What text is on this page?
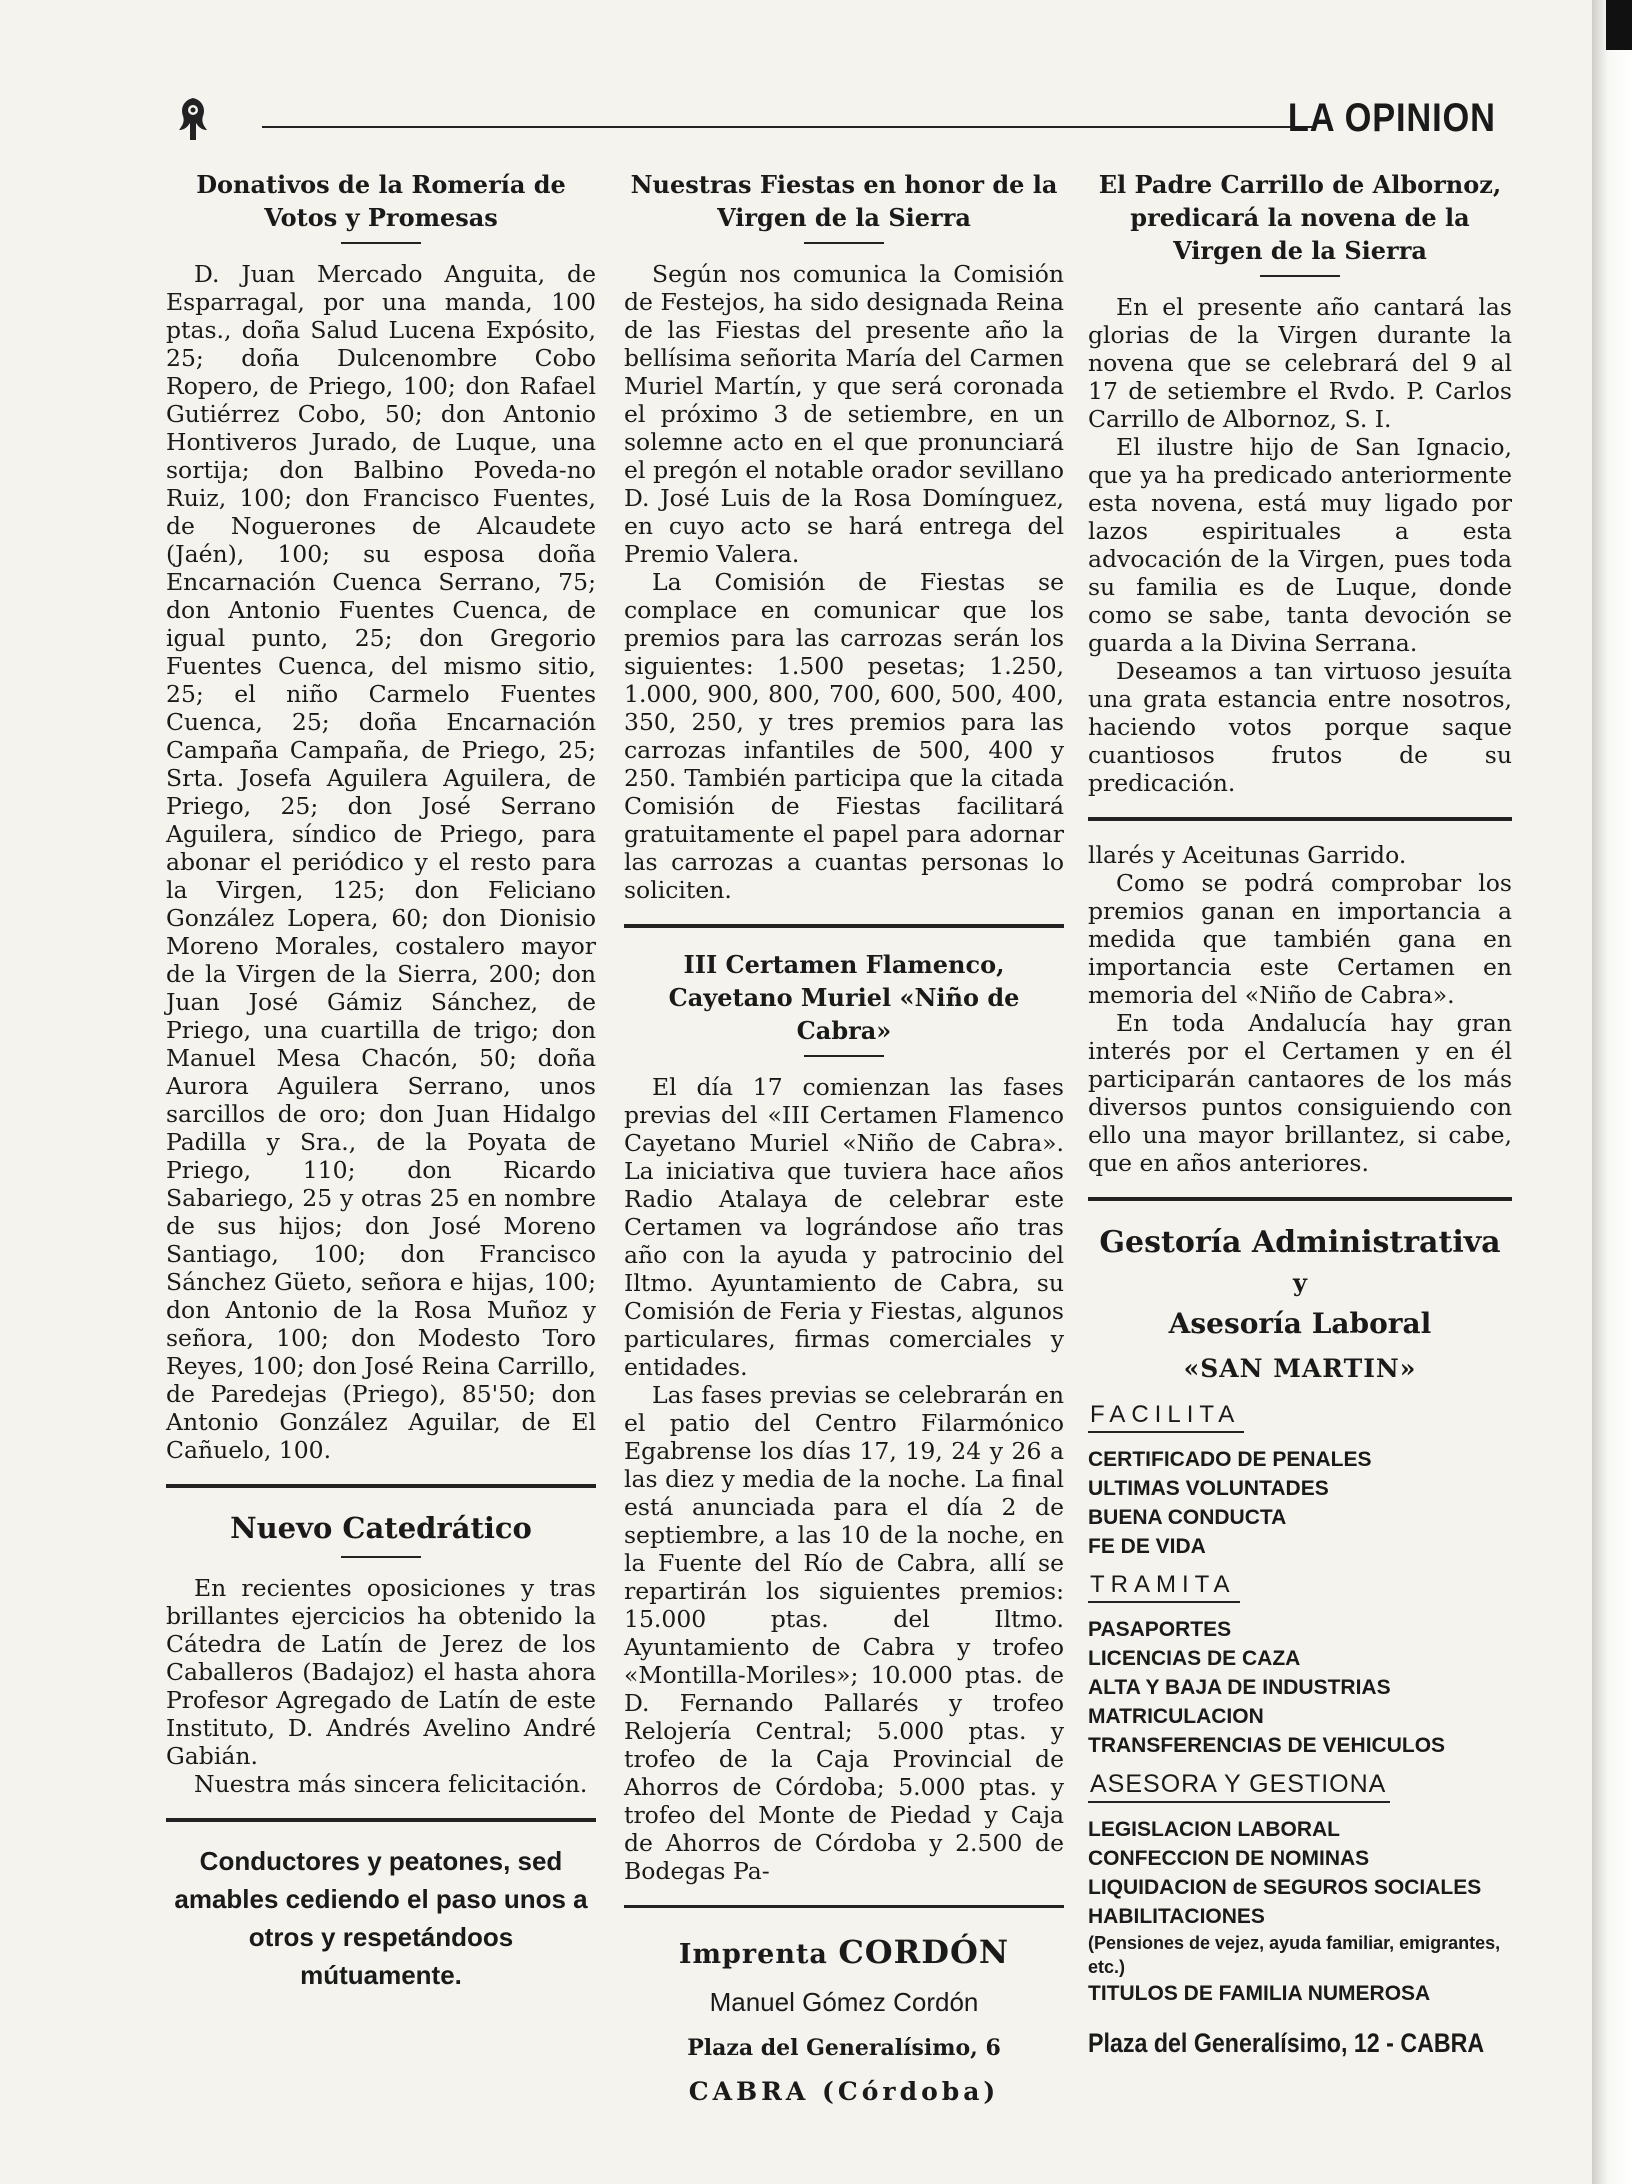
LA OPINION
Donativos de la Romería de Votos y Promesas

D. Juan Mercado Anguita, de Esparragal, por una manda, 100 ptas., doña Salud Lucena Expósito, 25; doña Dulcenombre Cobo Ropero, de Priego, 100; don Rafael Gutiérrez Cobo, 50; don Antonio Hontiveros Jurado, de Luque, una sortija; don Balbino Poveda-no Ruiz, 100; don Francisco Fuentes, de Noguerones de Alcaudete (Jaén), 100; su esposa doña Encarnación Cuenca Serrano, 75; don Antonio Fuentes Cuenca, de igual punto, 25; don Gregorio Fuentes Cuenca, del mismo sitio, 25; el niño Carmelo Fuentes Cuenca, 25; doña Encarnación Campaña Campaña, de Priego, 25; Srta. Josefa Aguilera Aguilera, de Priego, 25; don José Serrano Aguilera, síndico de Priego, para abonar el periódico y el resto para la Virgen, 125; don Feliciano González Lopera, 60; don Dionisio Moreno Morales, costalero mayor de la Virgen de la Sierra, 200; don Juan José Gámiz Sánchez, de Priego, una cuartilla de trigo; don Manuel Mesa Chacón, 50; doña Aurora Aguilera Serrano, unos sarcillos de oro; don Juan Hidalgo Padilla y Sra., de la Poyata de Priego, 110; don Ricardo Sabariego, 25 y otras 25 en nombre de sus hijos; don José Moreno Santiago, 100; don Francisco Sánchez Güeto, señora e hijas, 100; don Antonio de la Rosa Muñoz y señora, 100; don Modesto Toro Reyes, 100; don José Reina Carrillo, de Paredejas (Priego), 85'50; don Antonio González Aguilar, de El Cañuelo, 100.

Nuevo Catedrático

En recientes oposiciones y tras brillantes ejercicios ha obtenido la Cátedra de Latín de Jerez de los Caballeros (Badajoz) el hasta ahora Profesor Agregado de Latín de este Instituto, D. Andrés Avelino André Gabián.

Nuestra más sincera felicitación.

Conductores y peatones, sed amables cediendo el paso unos a otros y respetándoos mútuamente.

Nuestras Fiestas en honor de la Virgen de la Sierra

Según nos comunica la Comisión de Festejos, ha sido designada Reina de las Fiestas del presente año la bellísima señorita María del Carmen Muriel Martín, y que será coronada el próximo 3 de setiembre, en un solemne acto en el que pronunciará el pregón el notable orador sevillano D. José Luis de la Rosa Domínguez, en cuyo acto se hará entrega del Premio Valera.

La Comisión de Fiestas se complace en comunicar que los premios para las carrozas serán los siguientes: 1.500 pesetas; 1.250, 1.000, 900, 800, 700, 600, 500, 400, 350, 250, y tres premios para las carrozas infantiles de 500, 400 y 250. También participa que la citada Comisión de Fiestas facilitará gratuitamente el papel para adornar las carrozas a cuantas personas lo soliciten.

III Certamen Flamenco, Cayetano Muriel «Niño de Cabra»

El día 17 comienzan las fases previas del «III Certamen Flamenco Cayetano Muriel «Niño de Cabra». La iniciativa que tuviera hace años Radio Atalaya de celebrar este Certamen va lográndose año tras año con la ayuda y patrocinio del Iltmo. Ayuntamiento de Cabra, su Comisión de Feria y Fiestas, algunos particulares, firmas comerciales y entidades.

Las fases previas se celebrarán en el patio del Centro Filarmónico Egabrense los días 17, 19, 24 y 26 a las diez y media de la noche. La final está anunciada para el día 2 de septiembre, a las 10 de la noche, en la Fuente del Río de Cabra, allí se repartirán los siguientes premios: 15.000 ptas. del Iltmo. Ayuntamiento de Cabra y trofeo «Montilla-Moriles»; 10.000 ptas. de D. Fernando Pallarés y trofeo Relojería Central; 5.000 ptas. y trofeo de la Caja Provincial de Ahorros de Córdoba; 5.000 ptas. y trofeo del Monte de Piedad y Caja de Ahorros de Córdoba y 2.500 de Bodegas Pa-

Imprenta CORDÓN
Manuel Gómez Cordón
Plaza del Generalísimo, 6
CABRA (Córdoba)
El Padre Carrillo de Albornoz, predicará la novena de la Virgen de la Sierra

En el presente año cantará las glorias de la Virgen durante la novena que se celebrará del 9 al 17 de setiembre el Rvdo. P. Carlos Carrillo de Albornoz, S. I.

El ilustre hijo de San Ignacio, que ya ha predicado anteriormente esta novena, está muy ligado por lazos espirituales a esta advocación de la Virgen, pues toda su familia es de Luque, donde como se sabe, tanta devoción se guarda a la Divina Serrana.

Deseamos a tan virtuoso jesuíta una grata estancia entre nosotros, haciendo votos porque saque cuantiosos frutos de su predicación.

llarés y Aceitunas Garrido.

Como se podrá comprobar los premios ganan en importancia a medida que también gana en importancia este Certamen en memoria del «Niño de Cabra».

En toda Andalucía hay gran interés por el Certamen y en él participarán cantaores de los más diversos puntos consiguiendo con ello una mayor brillantez, si cabe, que en años anteriores.

Gestoría Administrativa
y
Asesoría Laboral
«SAN MARTIN»
FACILITA
CERTIFICADO DE PENALES
ULTIMAS VOLUNTADES
BUENA CONDUCTA
FE DE VIDA
TRAMITA
PASAPORTES
LICENCIAS DE CAZA
ALTA Y BAJA DE INDUSTRIAS
MATRICULACION
TRANSFERENCIAS DE VEHICULOS
ASESORA Y GESTIONA
LEGISLACION LABORAL
CONFECCION DE NOMINAS
LIQUIDACION de SEGUROS SOCIALES
HABILITACIONES
(Pensiones de vejez, ayuda familiar, emigrantes, etc.)
TITULOS DE FAMILIA NUMEROSA
Plaza del Generalísimo, 12 - CABRA
